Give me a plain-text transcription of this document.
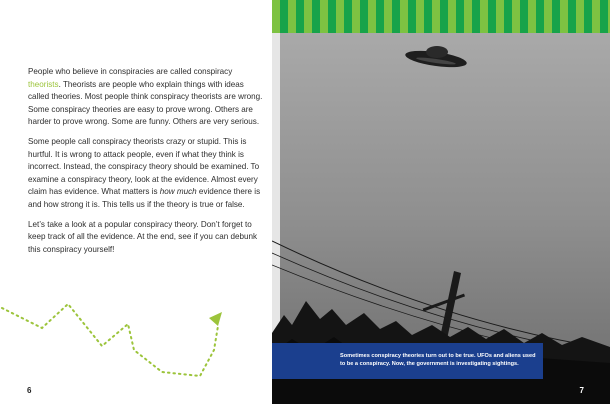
People who believe in conspiracies are called conspiracy theorists. Theorists are people who explain things with ideas called theories. Most people think conspiracy theorists are wrong. Some conspiracy theories are easy to prove wrong. Others are harder to prove wrong. Some are funny. Others are very serious.

Some people call conspiracy theorists crazy or stupid. This is hurtful. It is wrong to attack people, even if what they think is incorrect. Instead, the conspiracy theory should be examined. To examine a conspiracy theory, look at the evidence. Almost every claim has evidence. What matters is how much evidence there is and how strong it is. This tells us if the theory is true or false.

Let’s take a look at a popular conspiracy theory. Don’t forget to keep track of all the evidence. At the end, see if you can debunk this conspiracy yourself!

6
Sometimes conspiracy theories turn out to be true. UFOs and aliens used to be a conspiracy. Now, the government is investigating sightings.
7
